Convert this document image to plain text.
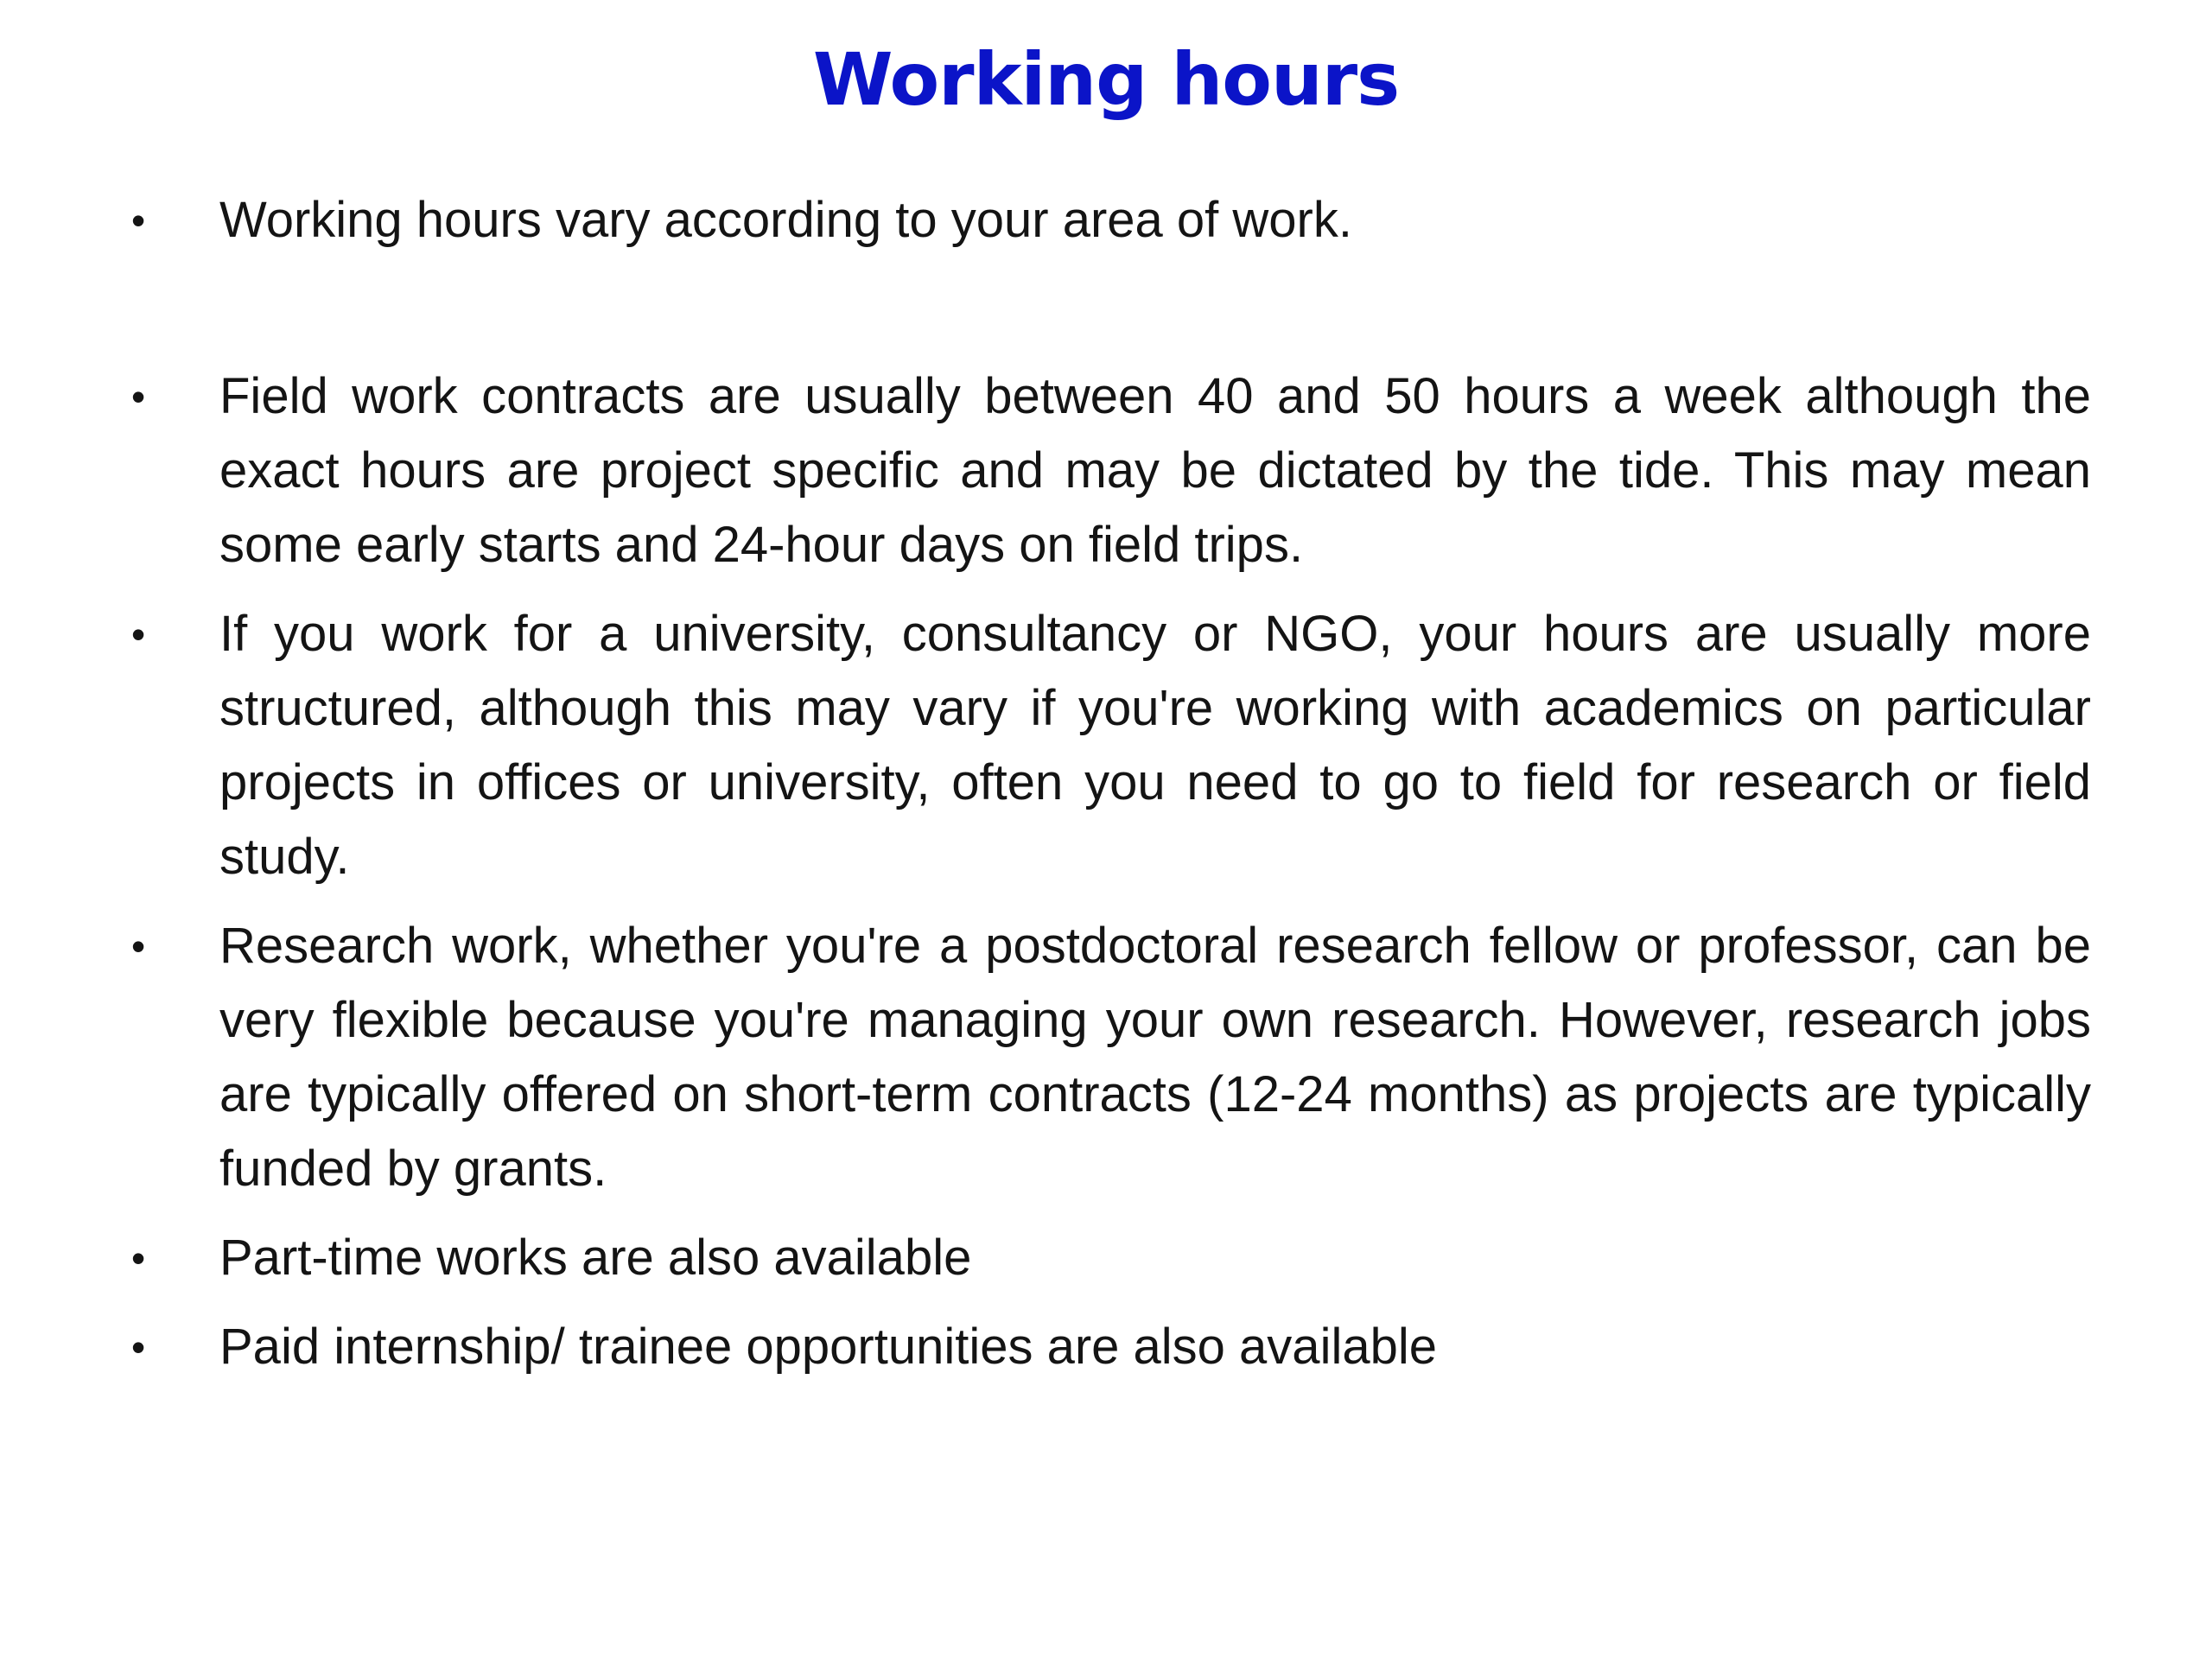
Working hours
•	Working hours vary according to your area of work.
•	Field work contracts are usually between 40 and 50 hours a week although the exact hours are project specific and may be dictated by the tide. This may mean some early starts and 24-hour days on field trips.
•	If you work for a university, consultancy or NGO, your hours are usually more structured, although this may vary if you're working with academics on particular projects in offices or university, often you need to go to field for research or field study.
•	Research work, whether you're a postdoctoral research fellow or professor, can be very flexible because you're managing your own research. However, research jobs are typically offered on short-term contracts (12-24 months) as projects are typically funded by grants.
•	Part-time works are also available
•	Paid internship/ trainee opportunities are also available
